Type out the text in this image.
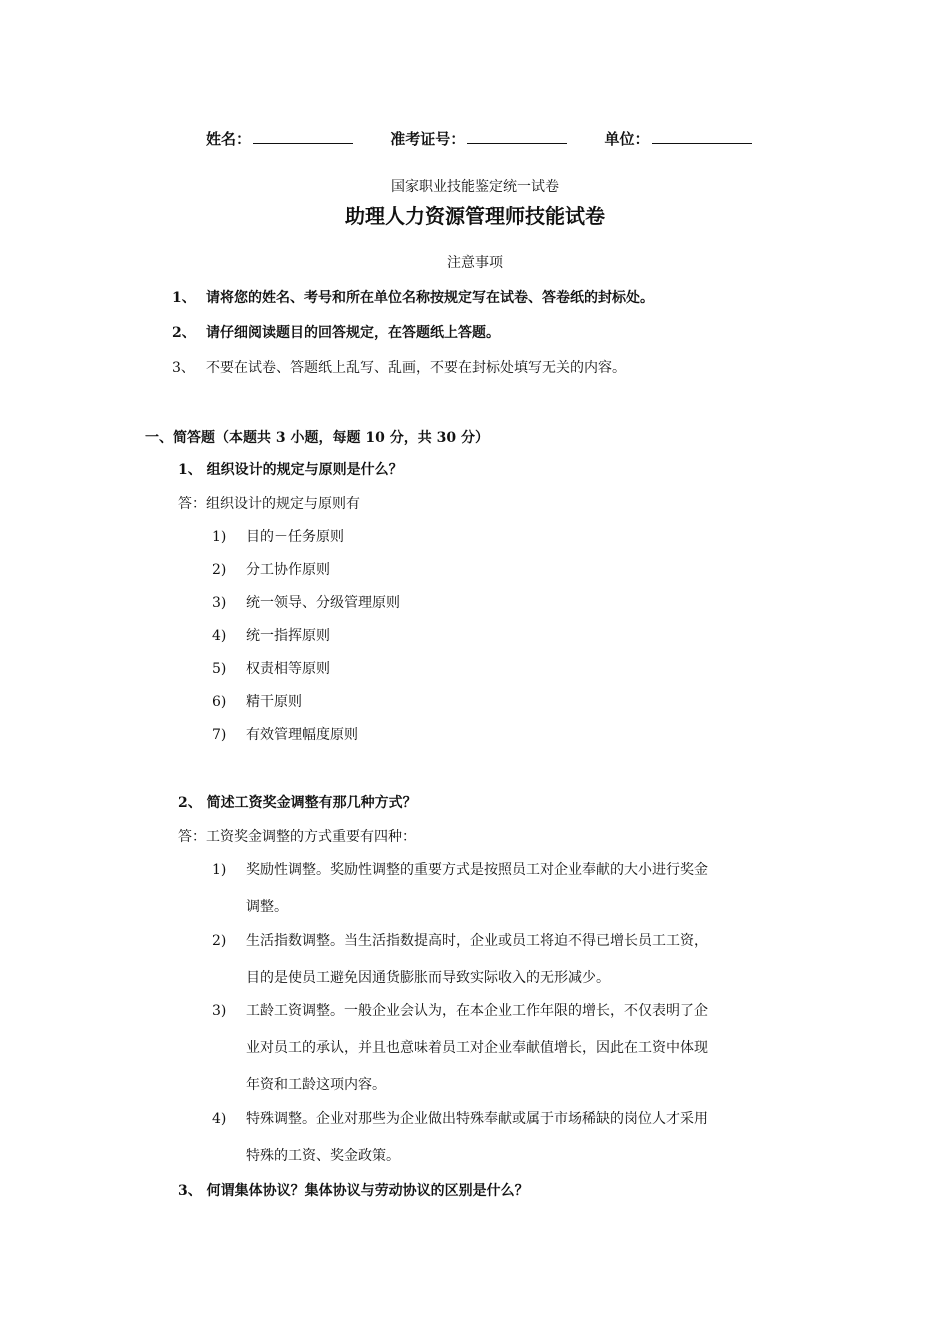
姓名：	准考证号：	单位：
国家职业技能鉴定统一试卷
助理人力资源管理师技能试卷
注意事项
1、 请将您的姓名、考号和所在单位名称按规定写在试卷、答卷纸的封标处。
2、 请仔细阅读题目的回答规定，在答题纸上答题。
3、 不要在试卷、答题纸上乱写、乱画，不要在封标处填写无关的内容。
一、简答题（本题共 3 小题，每题 10 分，共 30 分）
1、 组织设计的规定与原则是什么？
答：组织设计的规定与原则有
1) 目的－任务原则
2) 分工协作原则
3) 统一领导、分级管理原则
4) 统一指挥原则
5) 权责相等原则
6) 精干原则
7) 有效管理幅度原则
2、 简述工资奖金调整有那几种方式？
答：工资奖金调整的方式重要有四种：
1) 奖励性调整。奖励性调整的重要方式是按照员工对企业奉献的大小进行奖金
调整。
2) 生活指数调整。当生活指数提高时，企业或员工将迫不得已增长员工工资，
目的是使员工避免因通货膨胀而导致实际收入的无形减少。
3) 工龄工资调整。一般企业会认为，在本企业工作年限的增长，不仅表明了企
业对员工的承认，并且也意味着员工对企业奉献值增长，因此在工资中体现
年资和工龄这项内容。
4) 特殊调整。企业对那些为企业做出特殊奉献或属于市场稀缺的岗位人才采用
特殊的工资、奖金政策。
3、 何谓集体协议？集体协议与劳动协议的区别是什么？
